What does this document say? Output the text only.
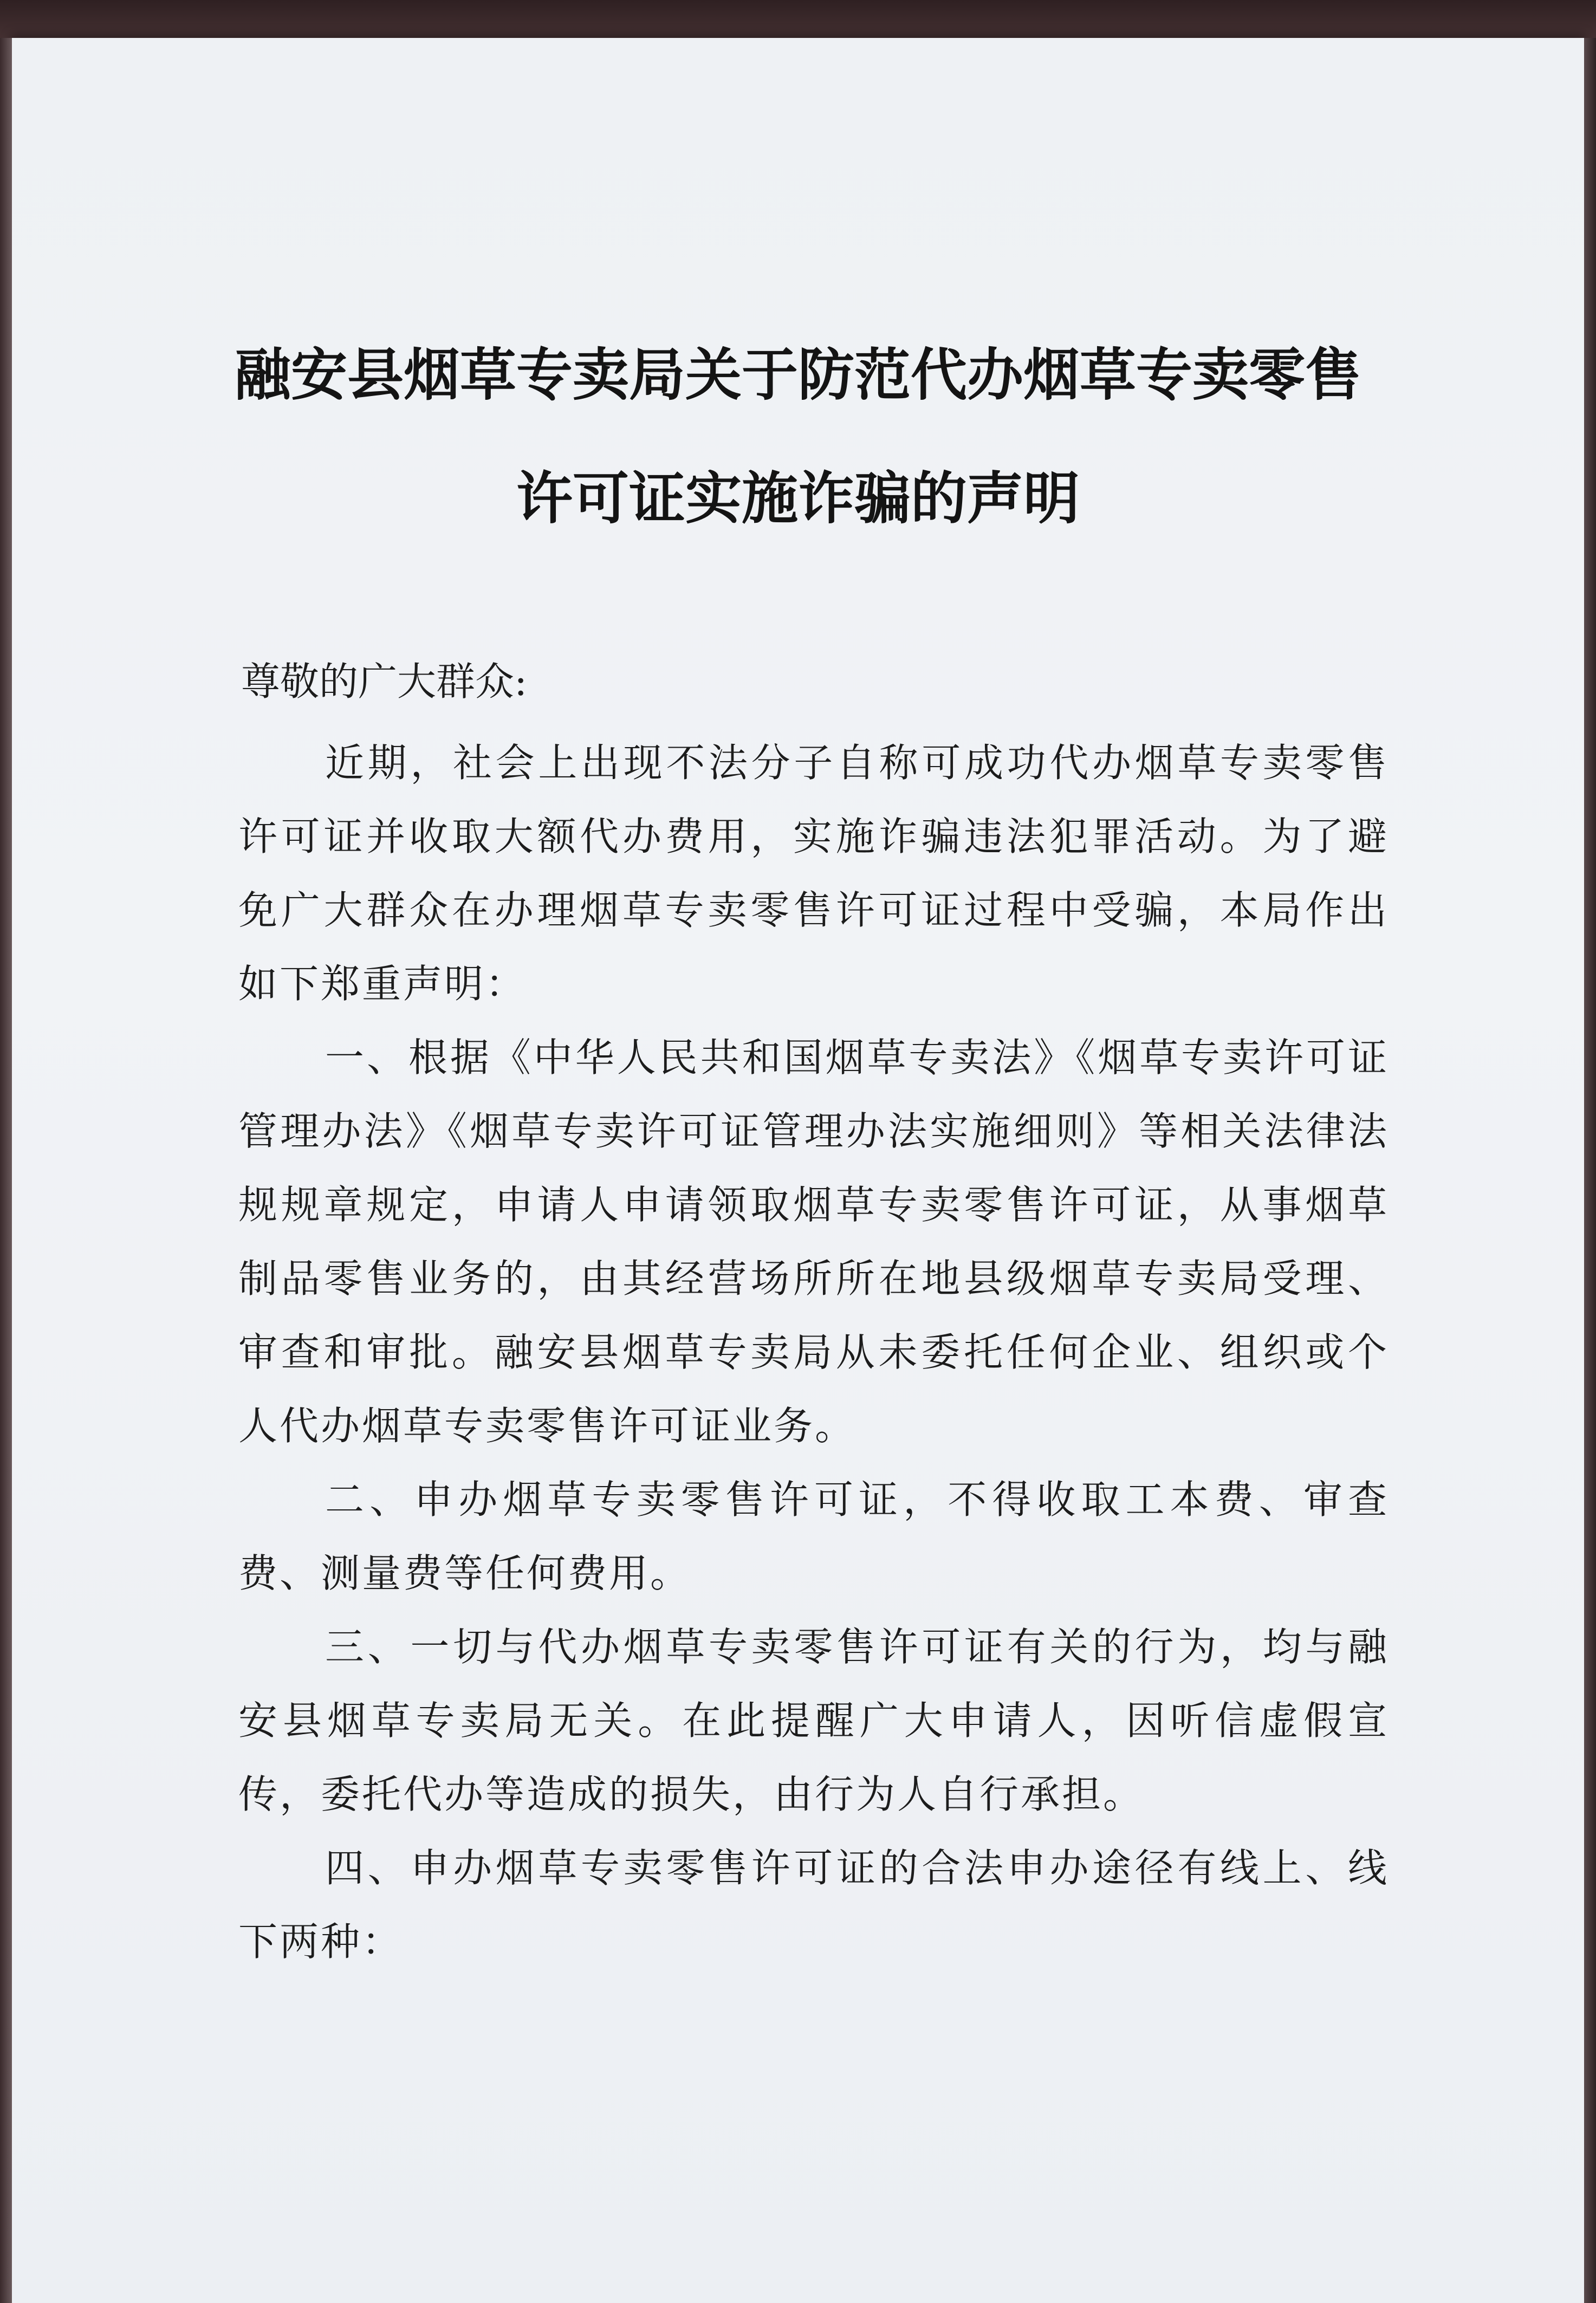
融安县烟草专卖局关于防范代办烟草专卖零售
许可证实施诈骗的声明

尊敬的广大群众:

近期，社会上出现不法分子自称可成功代办烟草专卖零售许可证并收取大额代办费用，实施诈骗违法犯罪活动。为了避免广大群众在办理烟草专卖零售许可证过程中受骗，本局作出如下郑重声明：

一、根据《中华人民共和国烟草专卖法》《烟草专卖许可证管理办法》《烟草专卖许可证管理办法实施细则》等相关法律法规规章规定，申请人申请领取烟草专卖零售许可证，从事烟草制品零售业务的，由其经营场所所在地县级烟草专卖局受理、审查和审批。融安县烟草专卖局从未委托任何企业、组织或个人代办烟草专卖零售许可证业务。

二、申办烟草专卖零售许可证，不得收取工本费、审查费、测量费等任何费用。

三、一切与代办烟草专卖零售许可证有关的行为，均与融安县烟草专卖局无关。在此提醒广大申请人，因听信虚假宣传，委托代办等造成的损失，由行为人自行承担。

四、申办烟草专卖零售许可证的合法申办途径有线上、线下两种：
